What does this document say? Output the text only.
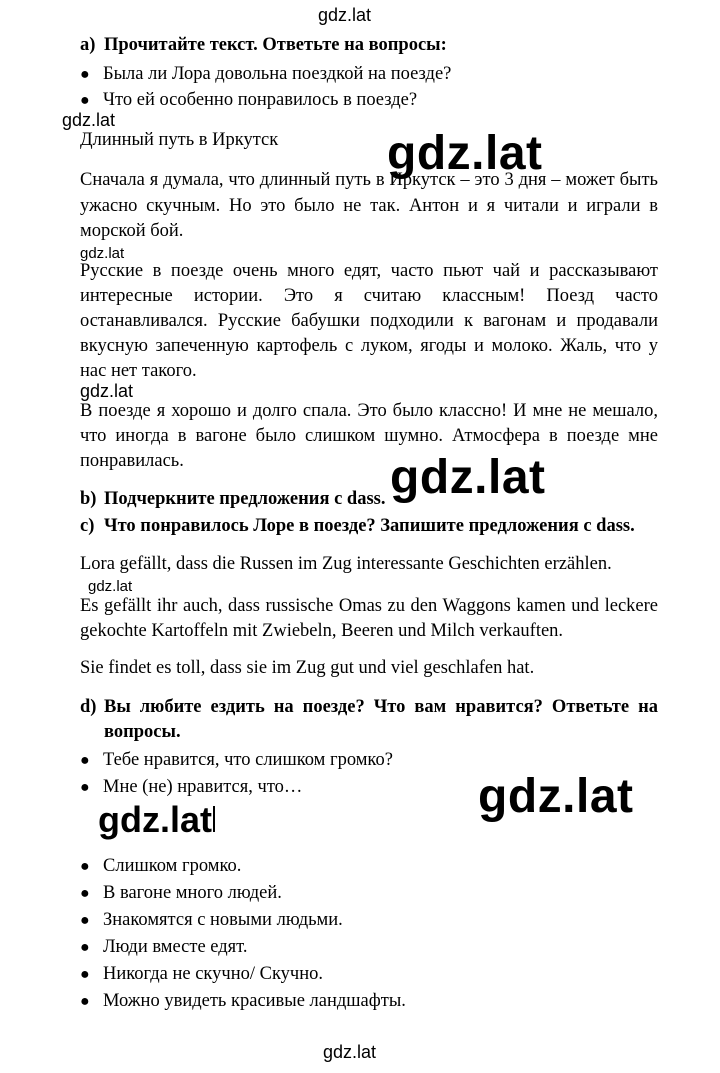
gdz.lat
gdz.lat
gdz.lat
gdz.lat
gdz.lat
gdz.lat
gdz.lat
gdz.lat
gdz.lat
gdz.lat
a) Прочитайте текст. Ответьте на вопросы:
● Была ли Лора довольна поездкой на поезде?
● Что ей особенно понравилось в поезде?
Длинный путь в Иркутск
Сначала я думала, что длинный путь в Иркутск – это 3 дня – может быть
ужасно скучным. Но это было не так. Антон и я читали и играли в
морской бой.
Русские в поезде очень много едят, часто пьют чай и рассказывают
интересные истории. Это я считаю классным! Поезд часто
останавливался. Русские бабушки подходили к вагонам и продавали
вкусную запеченную картофель с луком, ягоды и молоко. Жаль, что у
нас нет такого.
В поезде я хорошо и долго спала. Это было классно! И мне не мешало,
что иногда в вагоне было слишком шумно. Атмосфера в поезде мне
понравилась.
b) Подчеркните предложения с dass.
c) Что понравилось Лоре в поезде? Запишите предложения с dass.
Lora gefällt, dass die Russen im Zug interessante Geschichten erzählen.
Es gefällt ihr auch, dass russische Omas zu den Waggons kamen und leckere
gekochte Kartoffeln mit Zwiebeln, Beeren und Milch verkauften.
Sie findet es toll, dass sie im Zug gut und viel geschlafen hat.
d) Вы любите ездить на поезде? Что вам нравится? Ответьте на
вопросы.
● Тебе нравится, что слишком громко?
● Мне (не) нравится, что…
● Слишком громко.
● В вагоне много людей.
● Знакомятся с новыми людьми.
● Люди вместе едят.
● Никогда не скучно/ Скучно.
● Можно увидеть красивые ландшафты.
